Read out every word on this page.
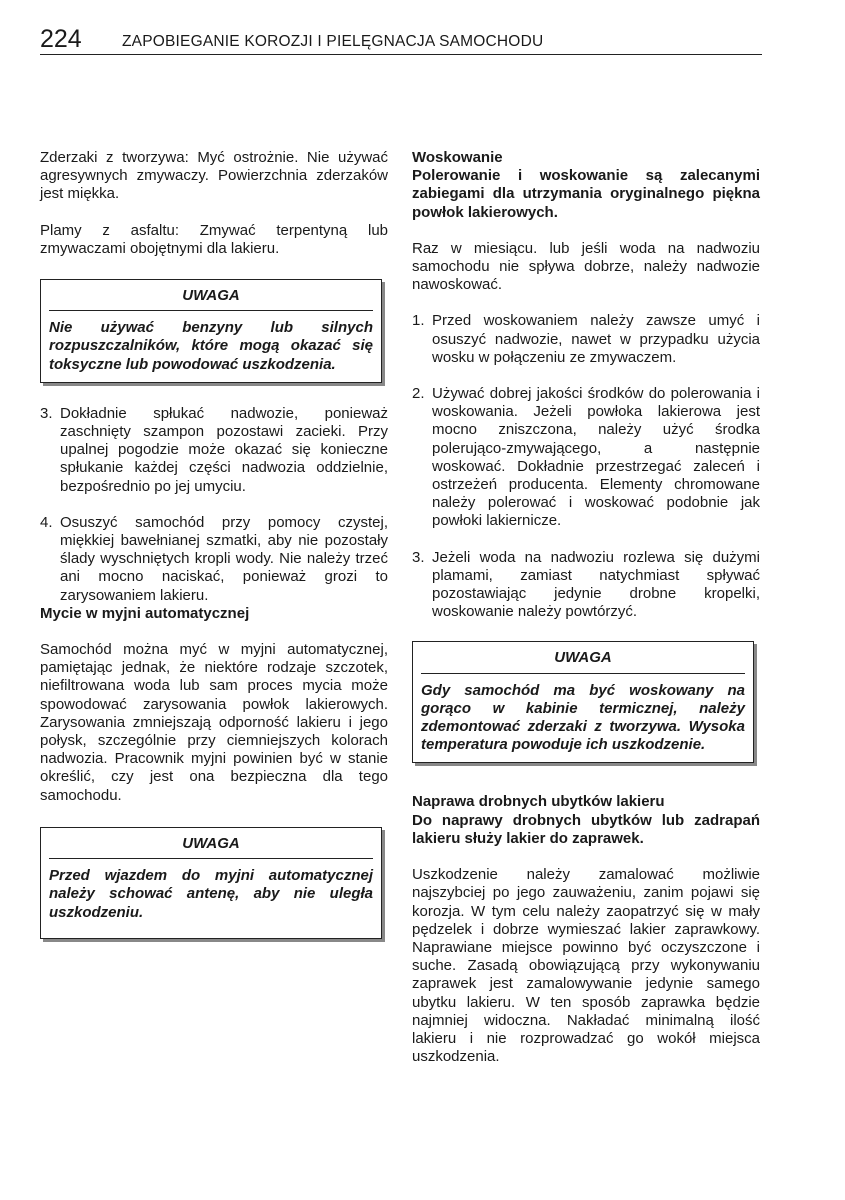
224	ZAPOBIEGANIE KOROZJI I PIELĘGNACJA SAMOCHODU

Zderzaki z tworzywa: Myć ostrożnie. Nie używać agresywnych zmywaczy. Powierzchnia zderzaków jest miękka.

Plamy z asfaltu: Zmywać terpentyną lub zmywaczami obojętnymi dla lakieru.

UWAGA
Nie używać benzyny lub silnych rozpuszczalników, które mogą okazać się toksyczne lub powodować uszkodzenia.
3. Dokładnie spłukać nadwozie, ponieważ zaschnięty szampon pozostawi zacieki. Przy upalnej pogodzie może okazać się konieczne spłukanie każdej części nadwozia oddzielnie, bezpośrednio po jej umyciu.
4. Osuszyć samochód przy pomocy czystej, miękkiej bawełnianej szmatki, aby nie pozostały ślady wyschniętych kropli wody. Nie należy trzeć ani mocno naciskać, ponieważ grozi to zarysowaniem lakieru.

Mycie w myjni automatycznej

Samochód można myć w myjni automatycznej, pamiętając jednak, że niektóre rodzaje szczotek, niefiltrowana woda lub sam proces mycia może spowodować zarysowania powłok lakierowych. Zarysowania zmniejszają odporność lakieru i jego połysk, szczególnie przy ciemniejszych kolorach nadwozia. Pracownik myjni powinien być w stanie określić, czy jest ona bezpieczna dla tego samochodu.

UWAGA
Przed wjazdem do myjni automatycznej należy schować antenę, aby nie uległa uszkodzeniu.

Woskowanie

Polerowanie i woskowanie są zalecanymi zabiegami dla utrzymania oryginalnego piękna powłok lakierowych.

Raz w miesiącu. lub jeśli woda na nadwoziu samochodu nie spływa dobrze, należy nadwozie nawoskować.

1. Przed woskowaniem należy zawsze umyć i osuszyć nadwozie, nawet w przypadku użycia wosku w połączeniu ze zmywaczem.
2. Używać dobrej jakości środków do polerowania i woskowania. Jeżeli powłoka lakierowa jest mocno zniszczona, należy użyć środka polerująco-zmywającego, a następnie woskować. Dokładnie przestrzegać zaleceń i ostrzeżeń producenta. Elementy chromowane należy polerować i woskować podobnie jak powłoki lakiernicze.
3. Jeżeli woda na nadwoziu rozlewa się dużymi plamami, zamiast natychmiast spływać pozostawiając jedynie drobne kropelki, woskowanie należy powtórzyć.
UWAGA
Gdy samochód ma być woskowany na gorąco w kabinie termicznej, należy zdemontować zderzaki z tworzywa. Wysoka temperatura powoduje ich uszkodzenie.

Naprawa drobnych ubytków lakieru

Do naprawy drobnych ubytków lub zadrapań lakieru służy lakier do zaprawek.

Uszkodzenie należy zamalować możliwie najszybciej po jego zauważeniu, zanim pojawi się korozja. W tym celu należy zaopatrzyć się w mały pędzelek i dobrze wymieszać lakier zaprawkowy. Naprawiane miejsce powinno być oczyszczone i suche. Zasadą obowiązującą przy wykonywaniu zaprawek jest zamalowywanie jedynie samego ubytku lakieru. W ten sposób zaprawka będzie najmniej widoczna. Nakładać minimalną ilość lakieru i nie rozprowadzać go wokół miejsca uszkodzenia.
